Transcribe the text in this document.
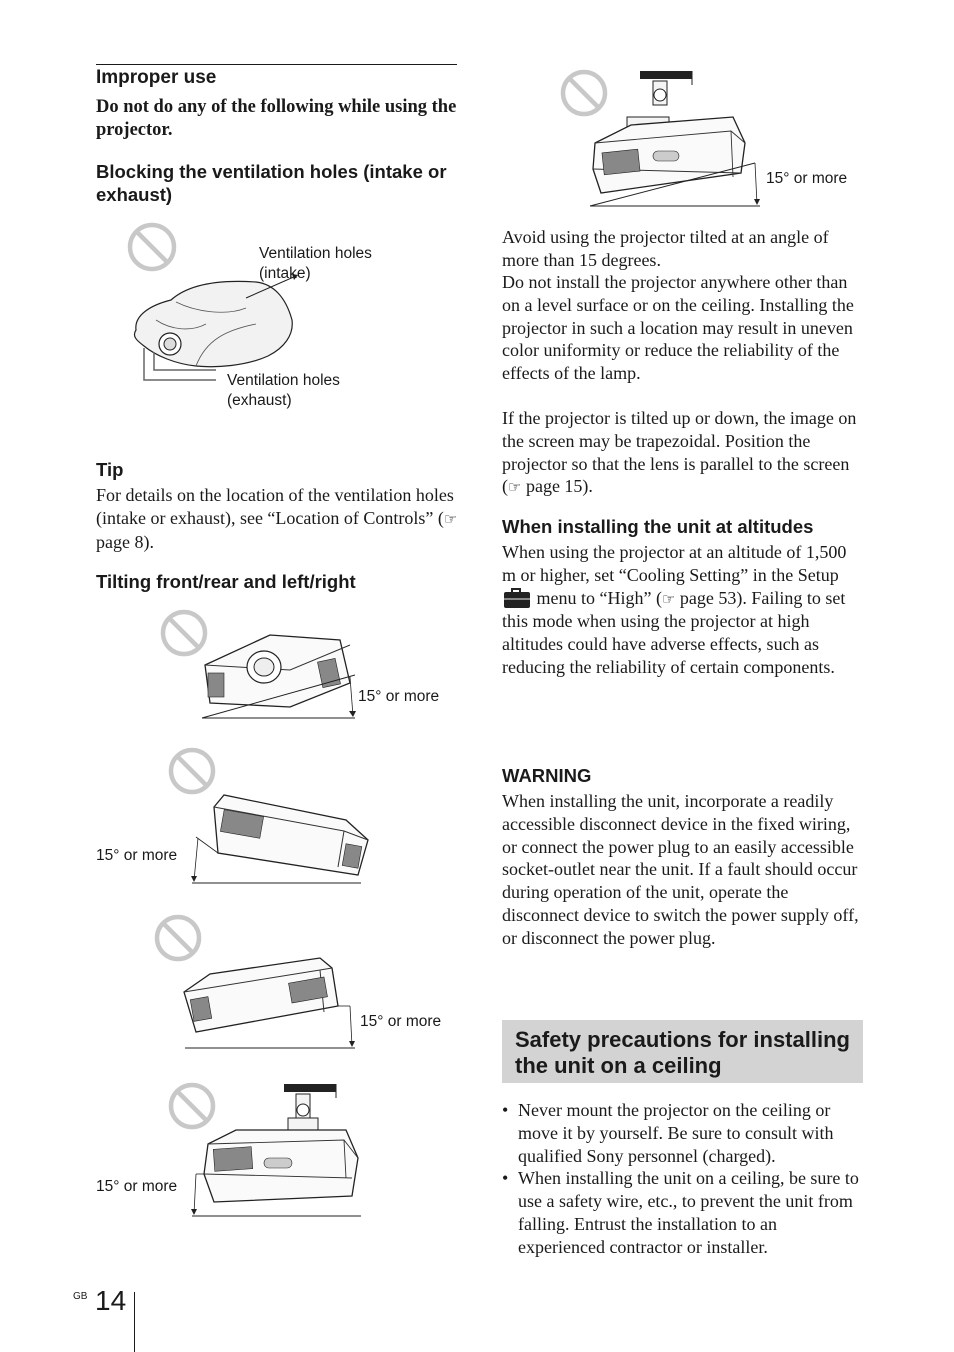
Improper use
Do not do any of the following while using the projector.
Blocking the ventilation holes (intake or exhaust)
Ventilation holes (intake)
Ventilation holes (exhaust)
Tip
For details on the location of the ventilation holes (intake or exhaust), see “Location of Controls” (☞ page 8).
Tilting front/rear and left/right
15° or more
15° or more
15° or more
15° or more
15° or more
Avoid using the projector tilted at an angle of more than 15 degrees.
Do not install the projector anywhere other than on a level surface or on the ceiling. Installing the projector in such a location may result in uneven color uniformity or reduce the reliability of the effects of the lamp.
If the projector is tilted up or down, the image on the screen may be trapezoidal. Position the projector so that the lens is parallel to the screen (☞ page 15).
When installing the unit at altitudes
When using the projector at an altitude of 1,500 m or higher, set “Cooling Setting” in the Setup
menu to “High” (☞ page 53). Failing to set this mode when using the projector at high altitudes could have adverse effects, such as reducing the reliability of certain components.
WARNING
When installing the unit, incorporate a readily accessible disconnect device in the fixed wiring, or connect the power plug to an easily accessible socket-outlet near the unit. If a fault should occur during operation of the unit, operate the disconnect device to switch the power supply off, or disconnect the power plug.
Safety precautions for installing the unit on a ceiling
• Never mount the projector on the ceiling or move it by yourself. Be sure to consult with qualified Sony personnel (charged).
• When installing the unit on a ceiling, be sure to use a safety wire, etc., to prevent the unit from falling. Entrust the installation to an experienced contractor or installer.
GB 14
